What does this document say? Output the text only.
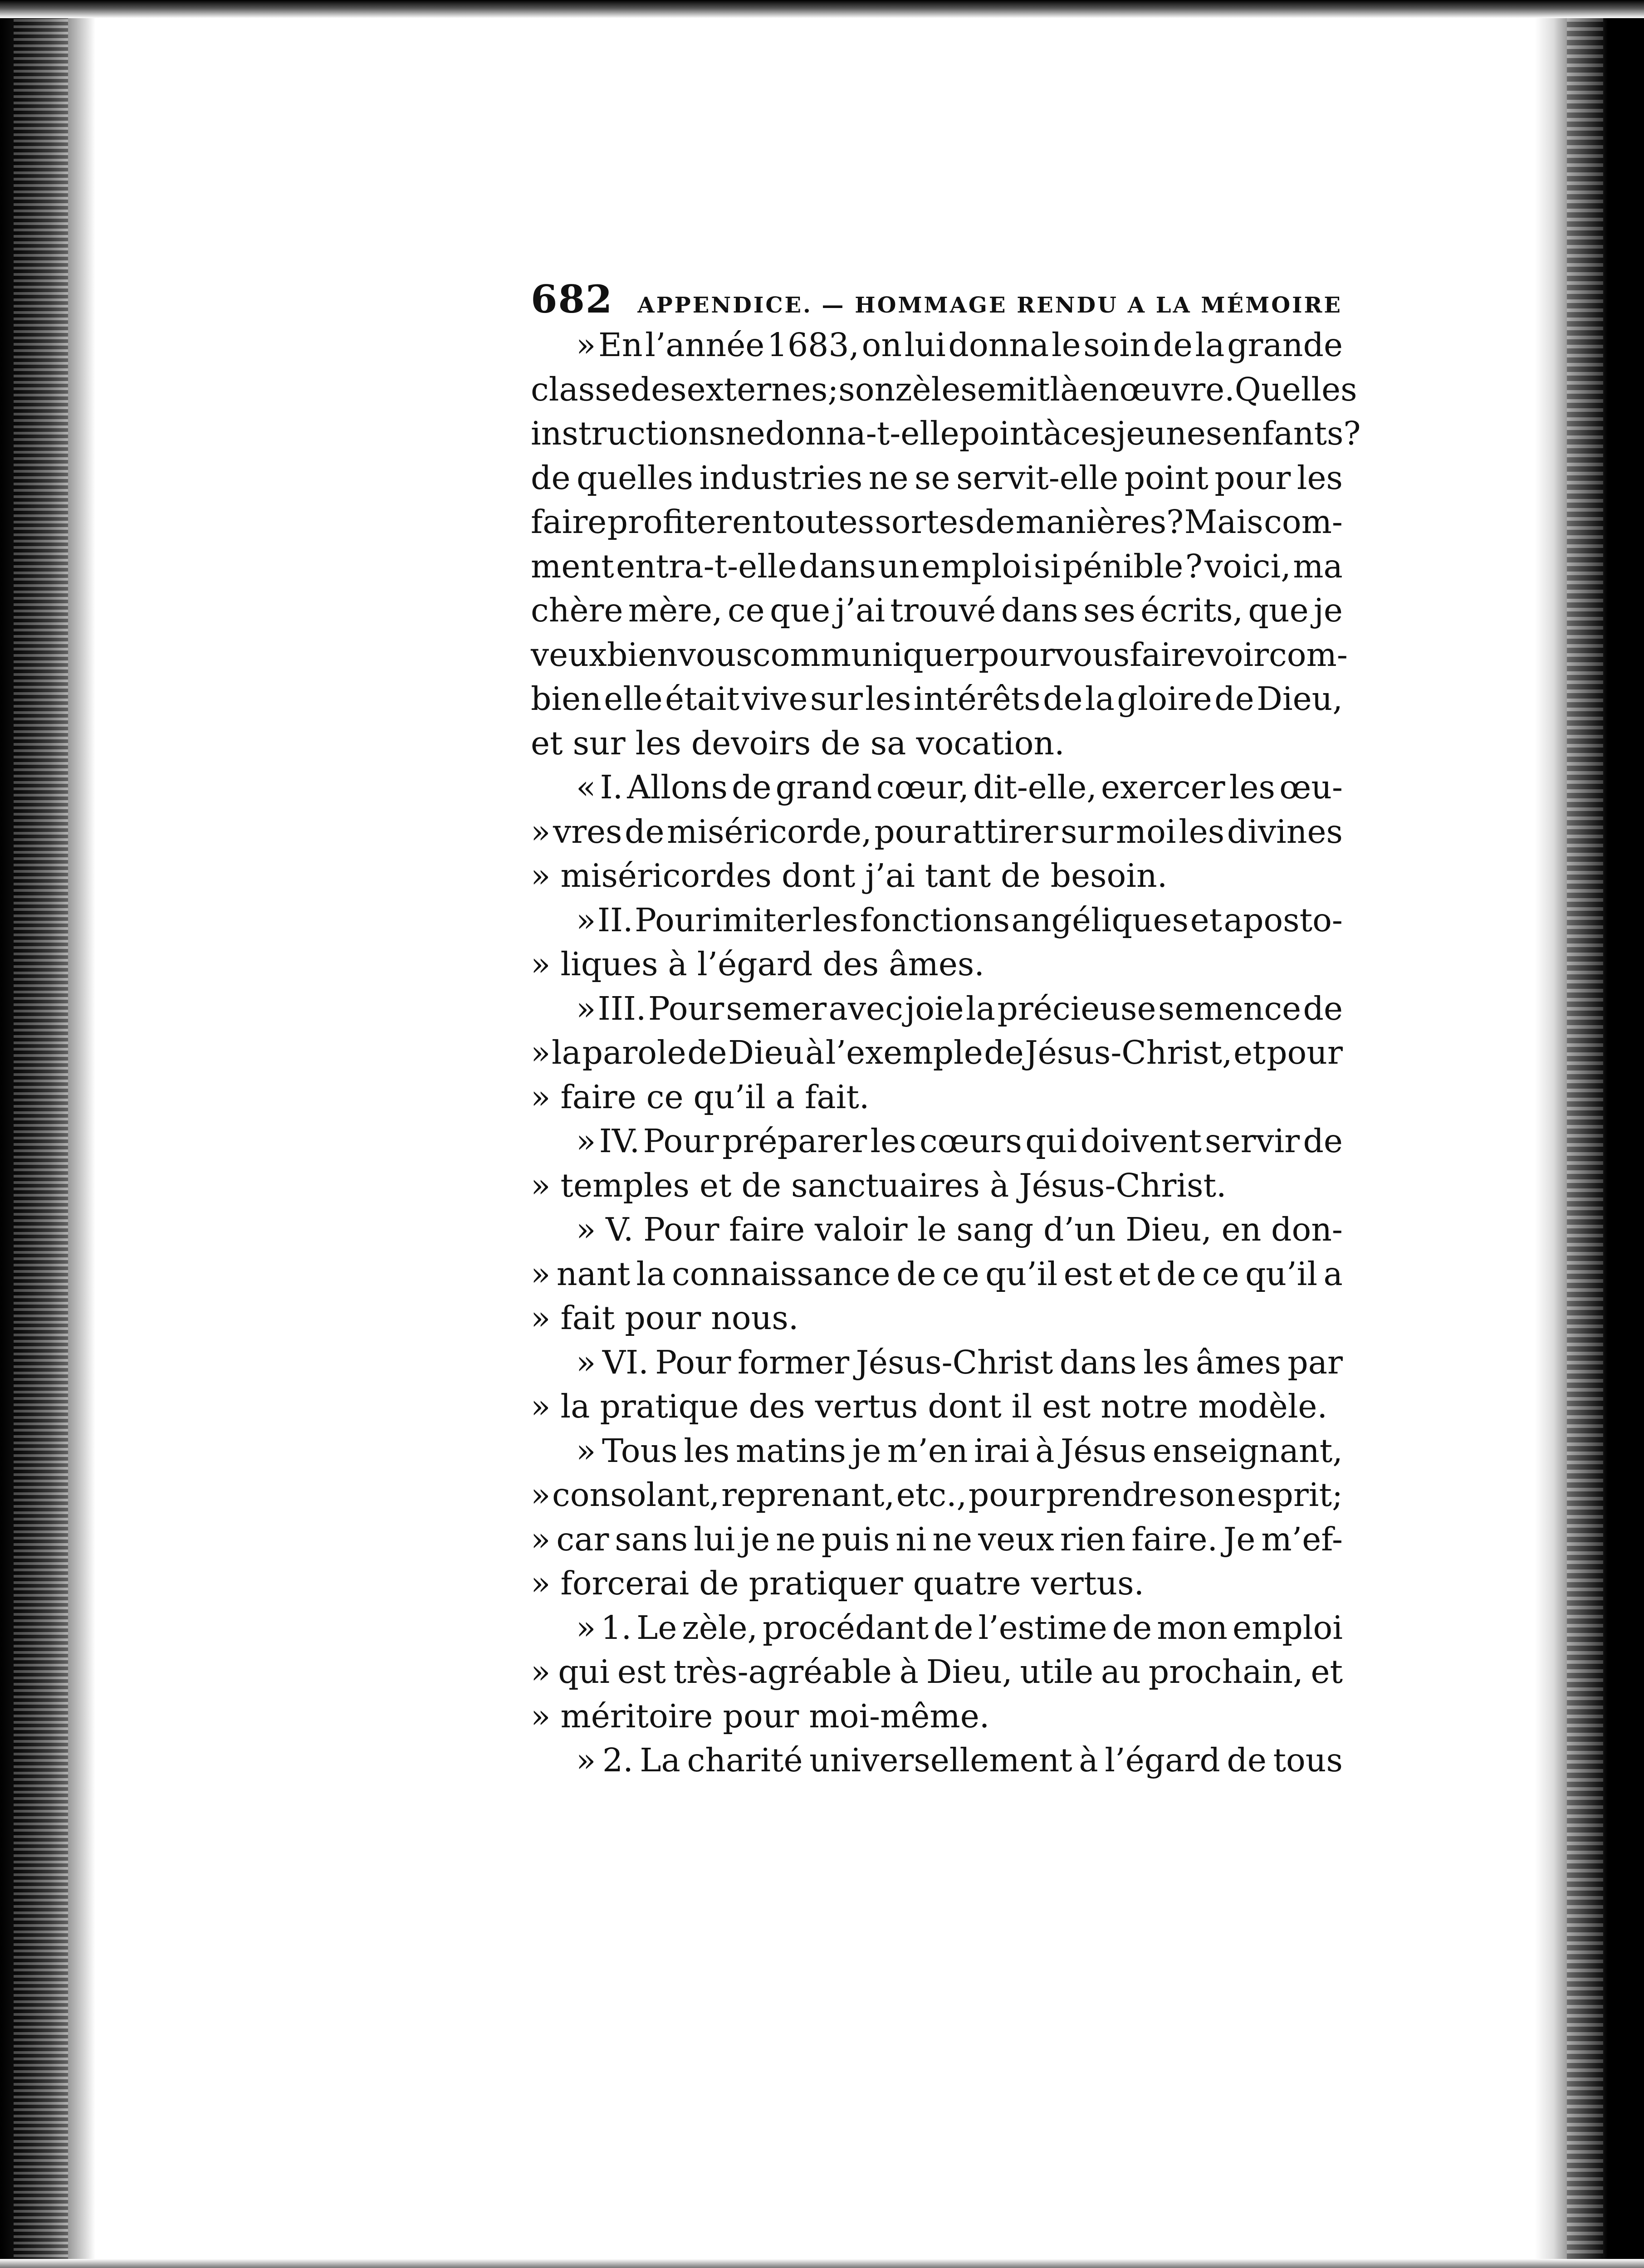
682 APPENDICE. — HOMMAGE RENDU A LA MÉMOIRE
» En l’année 1683, on lui donna le soin de la grande
classe des externes; son zèle se mit là en œuvre. Quelles
instructions ne donna-t-elle point à ces jeunes enfants?
de quelles industries ne se servit-elle point pour les
faire profiter en toutes sortes de manières? Mais com-
ment entra-t-elle dans un emploi si pénible ? voici, ma
chère mère, ce que j’ai trouvé dans ses écrits, que je
veux bien vous communiquer pour vous faire voir com-
bien elle était vive sur les intérêts de la gloire de Dieu,
et sur les devoirs de sa vocation.
« I. Allons de grand cœur, dit-elle, exercer les œu-
» vres de miséricorde, pour attirer sur moi les divines
» miséricordes dont j’ai tant de besoin.
» II. Pour imiter les fonctions angéliques et aposto-
» liques à l’égard des âmes.
» III. Pour semer avec joie la précieuse semence de
» la parole de Dieu à l’exemple de Jésus-Christ, et pour
» faire ce qu’il a fait.
» IV. Pour préparer les cœurs qui doivent servir de
» temples et de sanctuaires à Jésus-Christ.
» V. Pour faire valoir le sang d’un Dieu, en don-
» nant la connaissance de ce qu’il est et de ce qu’il a
» fait pour nous.
» VI. Pour former Jésus-Christ dans les âmes par
» la pratique des vertus dont il est notre modèle.
» Tous les matins je m’en irai à Jésus enseignant,
» consolant, reprenant, etc., pour prendre son esprit;
» car sans lui je ne puis ni ne veux rien faire. Je m’ef-
» forcerai de pratiquer quatre vertus.
» 1. Le zèle, procédant de l’estime de mon emploi
» qui est très-agréable à Dieu, utile au prochain, et
» méritoire pour moi-même.
» 2. La charité universellement à l’égard de tous
